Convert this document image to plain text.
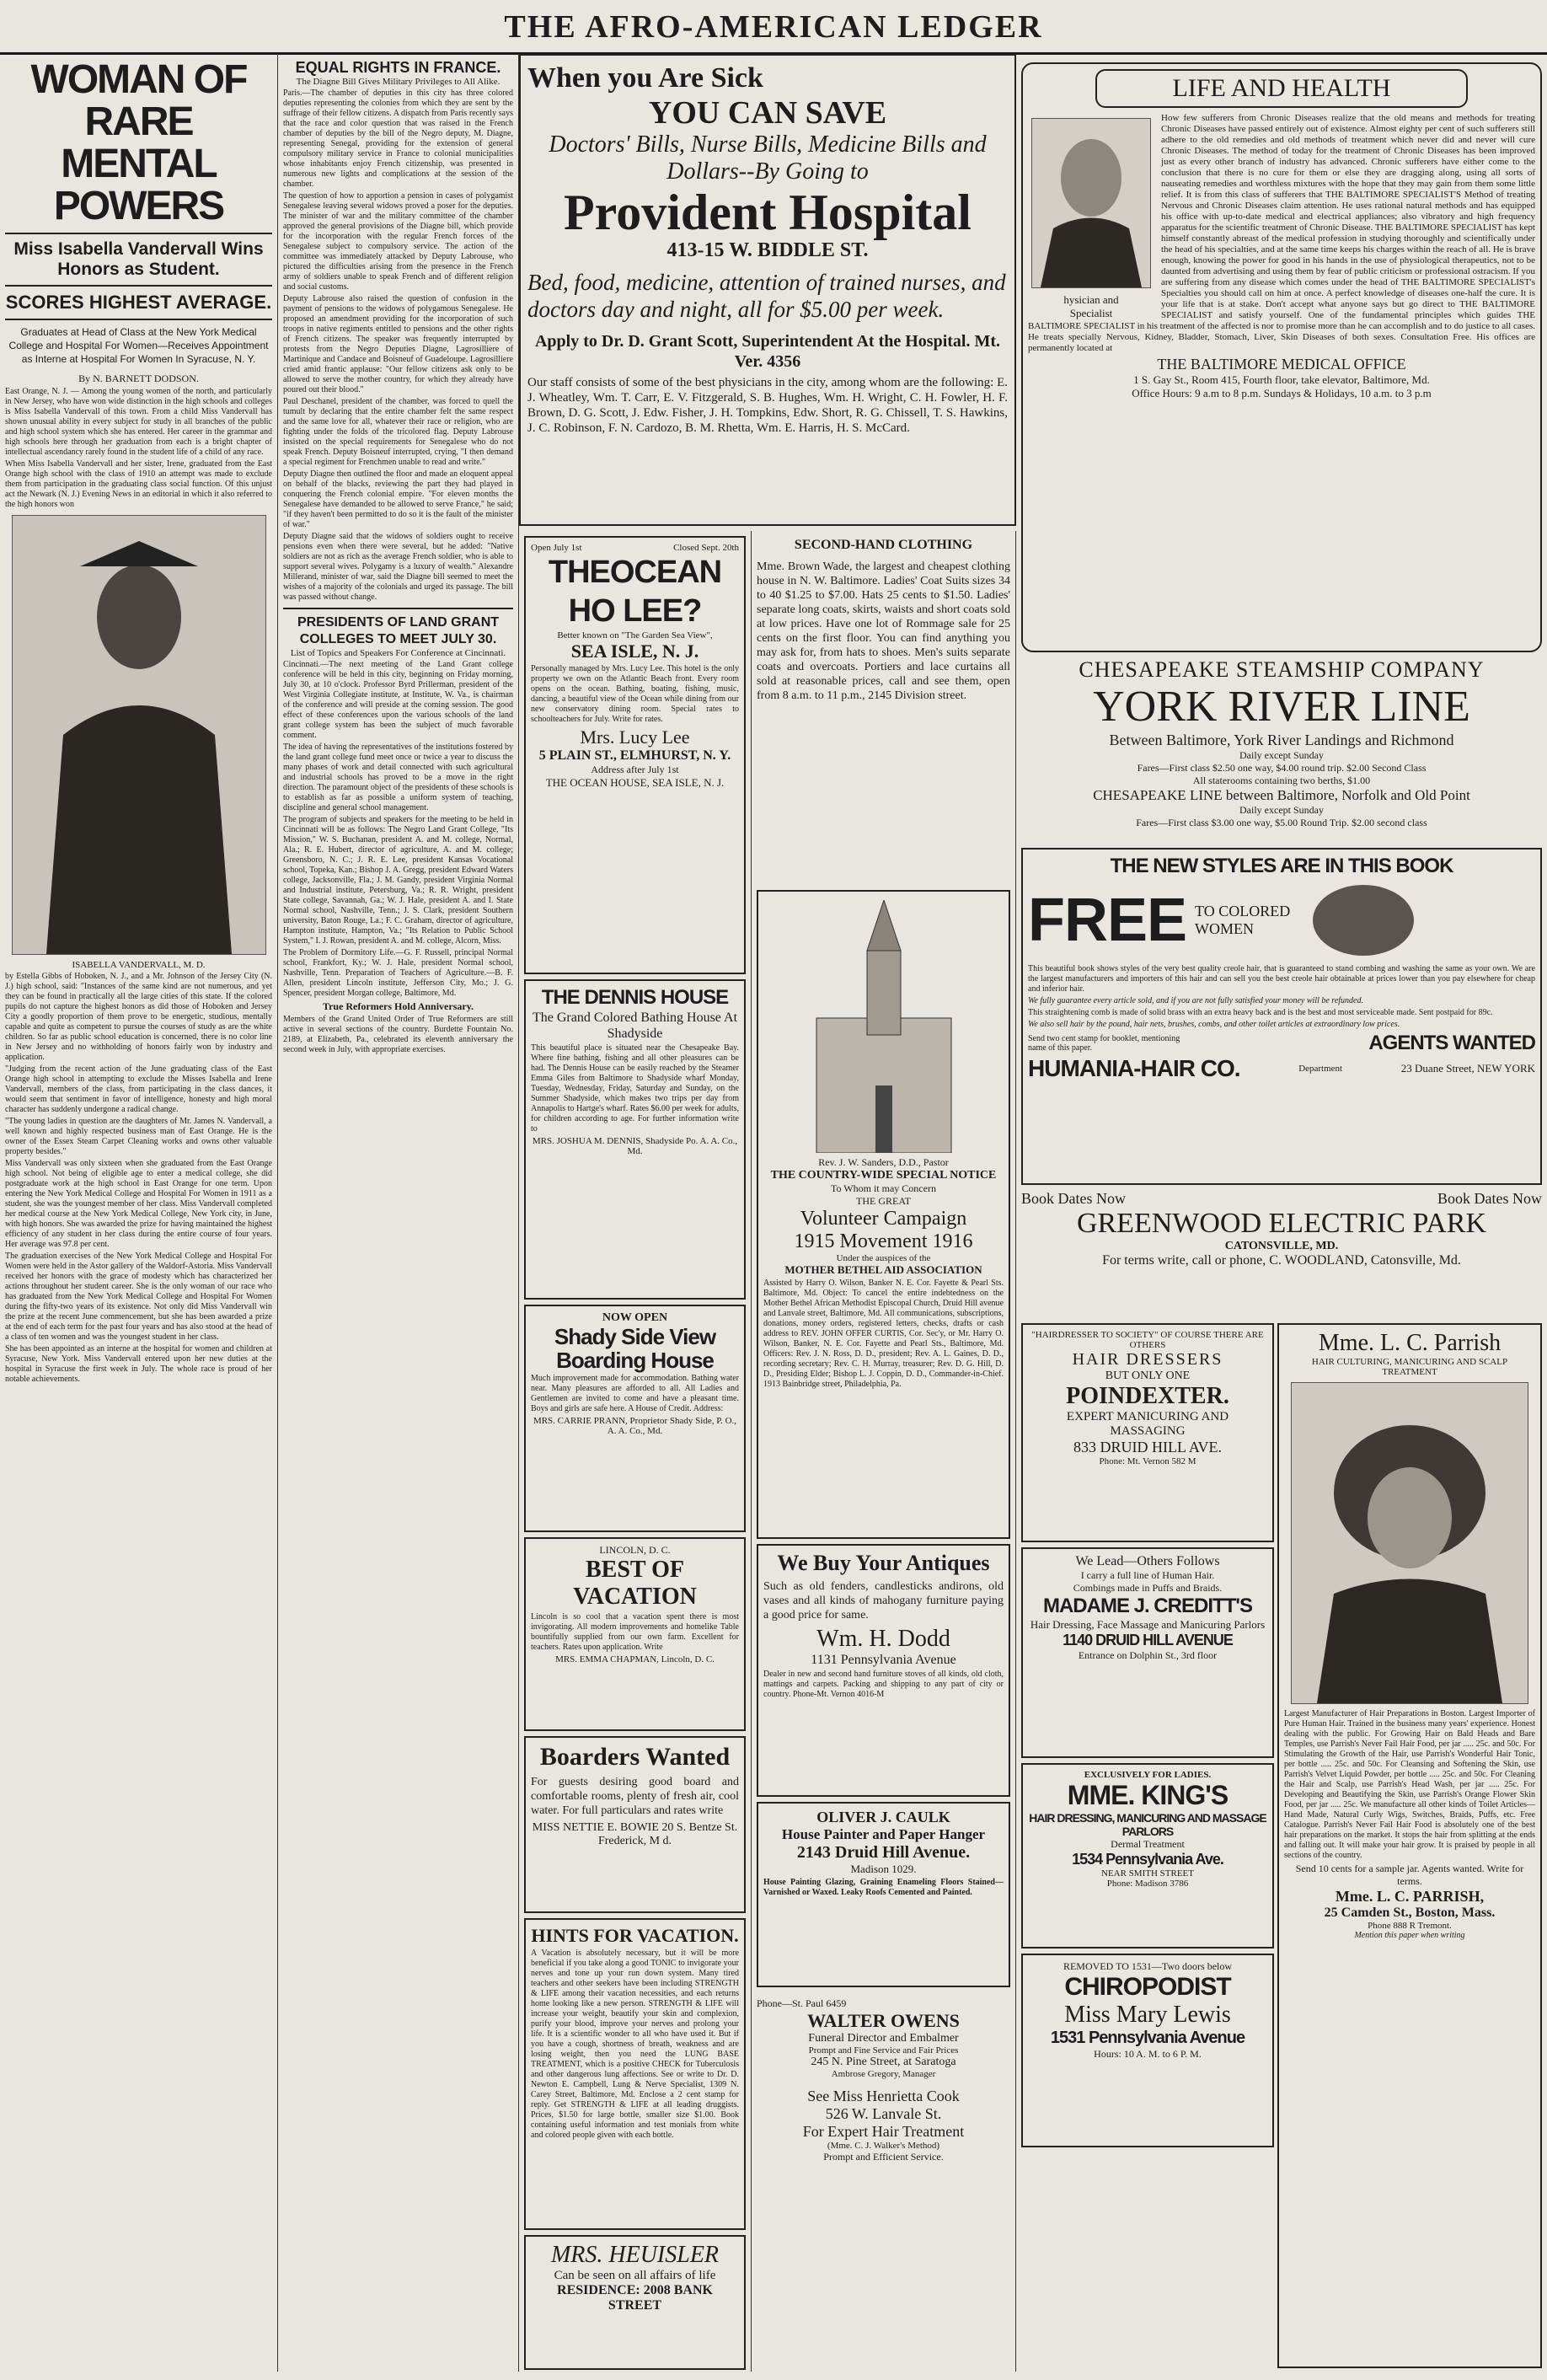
THE AFRO-AMERICAN LEDGER
WOMAN OF RARE
MENTAL POWERS
Miss Isabella Vandervall Wins Honors as Student.
SCORES HIGHEST AVERAGE.
Graduates at Head of Class at the New York Medical College and Hospital For Women—Receives Appointment as Interne at Hospital For Women In Syracuse, N. Y.
By N. BARNETT DODSON.

East Orange, N. J. — Among the young women of the north, and particularly in New Jersey, who have won wide distinction in the high schools and colleges is Miss Isabella Vandervall of this town. From a child Miss Vandervall has shown unusual ability in every subject for study in all branches of the public and high school system which she has entered. Her career in the grammar and high schools here through her graduation from each is a bright chapter of intellectual ascendancy rarely found in the student life of a child of any race.

When Miss Isabella Vandervall and her sister, Irene, graduated from the East Orange high school with the class of 1910 an attempt was made to exclude them from participation in the graduating class social function. Of this unjust act the Newark (N. J.) Evening News in an editorial in which it also referred to the high honors won

ISABELLA VANDERVALL, M. D.

by Estella Gibbs of Hoboken, N. J., and a Mr. Johnson of the Jersey City (N. J.) high school, said: "Instances of the same kind are not numerous, and yet they can be found in practically all the large cities of this state. If the colored pupils do not capture the highest honors as did those of Hoboken and Jersey City a goodly proportion of them prove to be energetic, studious, mentally capable and quite as competent to pursue the courses of study as are the white children. So far as public school education is concerned, there is no color line in New Jersey and no withholding of honors fairly won by industry and application.

"Judging from the recent action of the June graduating class of the East Orange high school in attempting to exclude the Misses Isabella and Irene Vandervall, members of the class, from participating in the class dances, it would seem that sentiment in favor of intelligence, honesty and high moral character has suddenly undergone a radical change.

"The young ladies in question are the daughters of Mr. James N. Vandervall, a well known and highly respected business man of East Orange. He is the owner of the Essex Steam Carpet Cleaning works and owns other valuable property besides."

Miss Vandervall was only sixteen when she graduated from the East Orange high school. Not being of eligible age to enter a medical college, she did postgraduate work at the high school in East Orange for one term. Upon entering the New York Medical College and Hospital For Women in 1911 as a student, she was the youngest member of her class. Miss Vandervall completed her medical course at the New York Medical College, New York city, in June, with high honors. She was awarded the prize for having maintained the highest efficiency of any student in her class during the entire course of four years. Her average was 97.8 per cent.

The graduation exercises of the New York Medical College and Hospital For Women were held in the Astor gallery of the Waldorf-Astoria. Miss Vandervall received her honors with the grace of modesty which has characterized her actions throughout her student career. She is the only woman of our race who has graduated from the New York Medical College and Hospital For Women during the fifty-two years of its existence. Not only did Miss Vandervall win the prize at the recent June commencement, but she has been awarded a prize at the end of each term for the past four years and has also stood at the head of a class of ten women and was the youngest student in her class.

She has been appointed as an interne at the hospital for women and children at Syracuse, New York. Miss Vandervall entered upon her new duties at the hospital in Syracuse the first week in July. The whole race is proud of her notable achievements.

EQUAL RIGHTS IN FRANCE.
The Diagne Bill Gives Military Privileges to All Alike.

Paris.—The chamber of deputies in this city has three colored deputies representing the colonies from which they are sent by the suffrage of their fellow citizens. A dispatch from Paris recently says that the race and color question that was raised in the French chamber of deputies by the bill of the Negro deputy, M. Diagne, representing Senegal, providing for the extension of general compulsory military service in France to colonial municipalities whose inhabitants enjoy French citizenship, was presented in numerous new lights and complications at the session of the chamber.

The question of how to apportion a pension in cases of polygamist Senegalese leaving several widows proved a poser for the deputies. The minister of war and the military committee of the chamber approved the general provisions of the Diagne bill, which provide for the incorporation with the regular French forces of the Senegalese subject to compulsory service. The action of the committee was immediately attacked by Deputy Labrouse, who pictured the difficulties arising from the presence in the French army of soldiers unable to speak French and of different religion and social customs.

Deputy Labrouse also raised the question of confusion in the payment of pensions to the widows of polygamous Senegalese. He proposed an amendment providing for the incorporation of such troops in native regiments entitled to pensions and the other rights of French citizens. The speaker was frequently interrupted by protests from the Negro Deputies Diagne, Lagrosilliere of Martinique and Candace and Boisneuf of Guadeloupe. Lagrosilliere cried amid frantic applause: "Our fellow citizens ask only to be allowed to serve the mother country, for which they already have poured out their blood."

Paul Deschanel, president of the chamber, was forced to quell the tumult by declaring that the entire chamber felt the same respect and the same love for all, whatever their race or religion, who are fighting under the folds of the tricolored flag. Deputy Labrouse insisted on the special requirements for Senegalese who do not speak French. Deputy Boisneuf interrupted, crying, "I then demand a special regiment for Frenchmen unable to read and write."

Deputy Diagne then outlined the floor and made an eloquent appeal on behalf of the blacks, reviewing the part they had played in conquering the French colonial empire. "For eleven months the Senegalese have demanded to be allowed to serve France," he said; "if they haven't been permitted to do so it is the fault of the minister of war."

Deputy Diagne said that the widows of soldiers ought to receive pensions even when there were several, but he added: "Native soldiers are not as rich as the average French soldier, who is able to support several wives. Polygamy is a luxury of wealth." Alexandre Millerand, minister of war, said the Diagne bill seemed to meet the wishes of a majority of the colonials and urged its passage. The bill was passed without change.

PRESIDENTS OF LAND GRANT COLLEGES TO MEET JULY 30.
List of Topics and Speakers For Conference at Cincinnati.

Cincinnati.—The next meeting of the Land Grant college conference will be held in this city, beginning on Friday morning, July 30, at 10 o'clock. Professor Byrd Prillerman, president of the West Virginia Collegiate institute, at Institute, W. Va., is chairman of the conference and will preside at the coming session. The good effect of these conferences upon the various schools of the land grant college system has been the subject of much favorable comment.

The idea of having the representatives of the institutions fostered by the land grant college fund meet once or twice a year to discuss the many phases of work and detail connected with such agricultural and industrial schools has proved to be a move in the right direction. The paramount object of the presidents of these schools is to establish as far as possible a uniform system of teaching, discipline and general school management.

The program of subjects and speakers for the meeting to be held in Cincinnati will be as follows: The Negro Land Grant College, "Its Mission," W. S. Buchanan, president A. and M. college, Normal, Ala.; R. E. Hubert, director of agriculture, A. and M. college; Greensboro, N. C.; J. R. E. Lee, president Kansas Vocational school, Topeka, Kan.; Bishop J. A. Gregg, president Edward Waters college, Jacksonville, Fla.; J. M. Gandy, president Virginia Normal and Industrial institute, Petersburg, Va.; R. R. Wright, president State college, Savannah, Ga.; W. J. Hale, president A. and I. State Normal school, Nashville, Tenn.; J. S. Clark, president Southern university, Baton Rouge, La.; F. C. Graham, director of agriculture, Hampton institute, Hampton, Va.; "Its Relation to Public School System," I. J. Rowan, president A. and M. college, Alcorn, Miss.

The Problem of Dormitory Life.—G. F. Russell, principal Normal school, Frankfort, Ky.; W. J. Hale, president Normal school, Nashville, Tenn. Preparation of Teachers of Agriculture.—B. F. Allen, president Lincoln institute, Jefferson City, Mo.; J. G. Spencer, president Morgan college, Baltimore, Md.

True Reformers Hold Anniversary.

Members of the Grand United Order of True Reformers are still active in several sections of the country. Burdette Fountain No. 2189, at Elizabeth, Pa., celebrated its eleventh anniversary the second week in July, with appropriate exercises.

When you Are Sick
YOU CAN SAVE
Doctors' Bills, Nurse Bills, Medicine Bills and Dollars--By Going to
Provident Hospital
413-15 W. BIDDLE ST.
Bed, food, medicine, attention of trained nurses, and doctors day and night, all for $5.00 per week.
Apply to Dr. D. Grant Scott, Superintendent At the Hospital. Mt. Ver. 4356

Our staff consists of some of the best physicians in the city, among whom are the following: E. J. Wheatley, Wm. T. Carr, E. V. Fitzgerald, S. B. Hughes, Wm. H. Wright, C. H. Fowler, H. F. Brown, D. G. Scott, J. Edw. Fisher, J. H. Tompkins, Edw. Short, R. G. Chissell, T. S. Hawkins, J. C. Robinson, F. N. Cardozo, B. M. Rhetta, Wm. E. Harris, H. S. McCard.

Open July 1st	Closed Sept. 20th
THEOCEAN HO LEE?
Better known on "The Garden Sea View",
SEA ISLE, N. J.

Personally managed by Mrs. Lucy Lee. This hotel is the only property we own on the Atlantic Beach front. Every room opens on the ocean. Bathing, boating, fishing, music, dancing, a beautiful view of the Ocean while dining from our new conservatory dining room. Special rates to schoolteachers for July. Write for rates.

Mrs. Lucy Lee
5 PLAIN ST., ELMHURST, N. Y.
Address after July 1st
THE OCEAN HOUSE, SEA ISLE, N. J.
THE DENNIS HOUSE
The Grand Colored Bathing House At Shadyside

This beautiful place is situated near the Chesapeake Bay. Where fine bathing, fishing and all other pleasures can be had. The Dennis House can be easily reached by the Steamer Emma Giles from Baltimore to Shadyside wharf Monday, Tuesday, Wednesday, Friday, Saturday and Sunday, on the Summer Shadyside, which makes two trips per day from Annapolis to Hartge's wharf. Rates $6.00 per week for adults, for children according to age. For further information write to

MRS. JOSHUA M. DENNIS, Shadyside Po. A. A. Co., Md.
NOW OPEN
Shady Side View Boarding House

Much improvement made for accommodation. Bathing water near. Many pleasures are afforded to all. All Ladies and Gentlemen are invited to come and have a pleasant time. Boys and girls are safe here. A House of Credit. Address:

MRS. CARRIE PRANN, Proprietor Shady Side, P. O., A. A. Co., Md.
LINCOLN, D. C.
BEST OF VACATION

Lincoln is so cool that a vacation spent there is most invigorating. All modern improvements and homelike Table bountifully supplied from our own farm. Excellent for teachers. Rates upon application. Write

MRS. EMMA CHAPMAN, Lincoln, D. C.
Boarders Wanted

For guests desiring good board and comfortable rooms, plenty of fresh air, cool water. For full particulars and rates write

MISS NETTIE E. BOWIE 20 S. Bentze St. Frederick, M d.
HINTS FOR VACATION.

A Vacation is absolutely necessary, but it will be more beneficial if you take along a good TONIC to invigorate your nerves and tone up your run down system. Many tired teachers and other seekers have been including STRENGTH & LIFE among their vacation necessities, and each returns home looking like a new person. STRENGTH & LIFE will increase your weight, beautify your skin and complexion, purify your blood, improve your nerves and prolong your life. It is a scientific wonder to all who have used it. But if you have a cough, shortness of breath, weakness and are losing weight, then you need the LUNG BASE TREATMENT, which is a positive CHECK for Tuberculosis and other dangerous lung affections. See or write to Dr. D. Newton E. Campbell, Lung & Nerve Specialist, 1309 N. Carey Street, Baltimore, Md. Enclose a 2 cent stamp for reply. Get STRENGTH & LIFE at all leading druggists. Prices, $1.50 for large bottle, smaller size $1.00. Book containing useful information and test monials from white and colored people given with each bottle.

MRS. HEUISLER
Can be seen on all affairs of life
RESIDENCE: 2008 BANK STREET
SECOND-HAND CLOTHING

Mme. Brown Wade, the largest and cheapest clothing house in N. W. Baltimore. Ladies' Coat Suits sizes 34 to 40 $1.25 to $7.00. Hats 25 cents to $1.50. Ladies' separate long coats, skirts, waists and short coats sold at low prices. Have one lot of Rommage sale for 25 cents on the first floor. You can find anything you may ask for, from hats to shoes. Men's suits separate coats and overcoats. Portiers and lace curtains all sold at reasonable prices, call and see them, open from 8 a.m. to 11 p.m., 2145 Division street.

Rev. J. W. Sanders, D.D., Pastor
THE COUNTRY-WIDE SPECIAL NOTICE
To Whom it may Concern
THE GREAT
Volunteer Campaign
1915 Movement 1916
Under the auspices of the
MOTHER BETHEL AID ASSOCIATION

Assisted by Harry O. Wilson, Banker N. E. Cor. Fayette & Pearl Sts. Baltimore, Md. Object: To cancel the entire indebtedness on the Mother Bethel African Methodist Episcopal Church, Druid Hill avenue and Lanvale street, Baltimore, Md. All communications, subscriptions, donations, money orders, registered letters, checks, drafts or cash address to REV. JOHN OFFER CURTIS, Cor. Sec'y, or Mr. Harry O. Wilson, Banker, N. E. Cor. Fayette and Pearl Sts., Baltimore, Md. Officers: Rev. J. N. Ross, D. D., president; Rev. A. L. Gaines, D. D., recording secretary; Rev. C. H. Murray, treasurer; Rev. D. G. Hill, D. D., Presiding Elder; Bishop L. J. Coppin, D. D., Commander-in-Chief. 1913 Bainbridge street, Philadelphia, Pa.

We Buy Your Antiques

Such as old fenders, candlesticks andirons, old vases and all kinds of mahogany furniture paying a good price for same.

Wm. H. Dodd
1131 Pennsylvania Avenue

Dealer in new and second hand furniture stoves of all kinds, old cloth, mattings and carpets. Packing and shipping to any part of city or country. Phone-Mt. Vernon 4016-M

OLIVER J. CAULK
House Painter and Paper Hanger
2143 Druid Hill Avenue.
Madison 1029.

House Painting Glazing, Graining Enameling Floors Stained—Varnished or Waxed. Leaky Roofs Cemented and Painted.

Phone—St. Paul 6459
WALTER OWENS
Funeral Director and Embalmer
Prompt and Fine Service and Fair Prices
245 N. Pine Street, at Saratoga
Ambrose Gregory, Manager
See Miss Henrietta Cook
526 W. Lanvale St.
For Expert Hair Treatment
(Mme. C. J. Walker's Method)
Prompt and Efficient Service.
LIFE AND HEALTH
hysician and
Specialist

How few sufferers from Chronic Diseases realize that the old means and methods for treating Chronic Diseases have passed entirely out of existence. Almost eighty per cent of such sufferers still adhere to the old remedies and old methods of treatment which never did and never will cure Chronic Diseases. The method of today for the treatment of Chronic Diseases has been improved just as every other branch of industry has advanced. Chronic sufferers have either come to the conclusion that there is no cure for them or else they are dragging along, using all sorts of nauseating remedies and worthless mixtures with the hope that they may gain from them some little relief. It is from this class of sufferers that THE BALTIMORE SPECIALIST'S Method of treating Nervous and Chronic Diseases claim attention. He uses rational natural methods and has equipped his office with up-to-date medical and electrical appliances; also vibratory and high frequency apparatus for the scientific treatment of Chronic Disease. THE BALTIMORE SPECIALIST has kept himself constantly abreast of the medical profession in studying thoroughly and scientifically under the head of his specialties, and at the same time keeps his charges within the reach of all. He is brave enough, knowing the power for good in his hands in the use of physiological therapeutics, not to be daunted from advertising and using them by fear of public criticism or professional ostracism. If you are suffering from any disease which comes under the head of THE BALTIMORE SPECIALIST's Specialties you should call on him at once. A perfect knowledge of diseases one-half the cure. It is your life that is at stake. Don't accept what anyone says but go direct to THE BALTIMORE SPECIALIST and satisfy yourself. One of the fundamental principles which guides THE BALTIMORE SPECIALIST in his treatment of the affected is nor to promise more than he can accomplish and to do justice to all cases. He treats specially Nervous, Kidney, Bladder, Stomach, Liver, Skin Diseases of both sexes. Consultation Free. His offices are permanently located at

THE BALTIMORE MEDICAL OFFICE
1 S. Gay St., Room 415, Fourth floor, take elevator, Baltimore, Md.
Office Hours: 9 a.m to 8 p.m. Sundays & Holidays, 10 a.m. to 3 p.m
CHESAPEAKE STEAMSHIP COMPANY
YORK RIVER LINE
Between Baltimore, York River Landings and Richmond
Daily except Sunday
Fares—First class $2.50 one way, $4.00 round trip. $2.00 Second Class
All staterooms containing two berths, $1.00
CHESAPEAKE LINE between Baltimore, Norfolk and Old Point
Daily except Sunday
Fares—First class $3.00 one way, $5.00 Round Trip. $2.00 second class
THE NEW STYLES ARE IN THIS BOOK
FREE TO COLORED WOMEN

This beautiful book shows styles of the very best quality creole hair, that is guaranteed to stand combing and washing the same as your own. We are the largest manufacturers and importers of this hair and can sell you the best creole hair obtainable at prices lower than you pay elsewhere for cheap and inferior hair.

We fully guarantee every article sold, and if you are not fully satisfied your money will be refunded.

This straightening comb is made of solid brass with an extra heavy back and is the best and most serviceable made. Sent postpaid for 89c.

We also sell hair by the pound, hair nets, brushes, combs, and other toilet articles at extraordinary low prices.

Send two cent stamp for booklet, mentioning name of this paper.	AGENTS WANTED
HUMANIA-HAIR CO.	Department	23 Duane Street, NEW YORK
Book Dates Now	Book Dates Now
GREENWOOD ELECTRIC PARK
CATONSVILLE, MD.
For terms write, call or phone, C. WOODLAND, Catonsville, Md.
"HAIRDRESSER TO SOCIETY" OF COURSE THERE ARE OTHERS
HAIR DRESSERS
BUT ONLY ONE
POINDEXTER.
EXPERT MANICURING AND MASSAGING
833 DRUID HILL AVE.
Phone: Mt. Vernon 582 M
We Lead—Others Follows
I carry a full line of Human Hair.
Combings made in Puffs and Braids.
MADAME J. CREDITT'S
Hair Dressing, Face Massage and Manicuring Parlors
1140 DRUID HILL AVENUE
Entrance on Dolphin St., 3rd floor
EXCLUSIVELY FOR LADIES.
MME. KING'S
HAIR DRESSING, MANICURING AND MASSAGE PARLORS
Dermal Treatment
1534 Pennsylvania Ave.
NEAR SMITH STREET
Phone: Madison 3786
REMOVED TO 1531—Two doors below
CHIROPODIST
Miss Mary Lewis
1531 Pennsylvania Avenue
Hours: 10 A. M. to 6 P. M.
Mme. L. C. Parrish
HAIR CULTURING, MANICURING AND SCALP TREATMENT

Largest Manufacturer of Hair Preparations in Boston. Largest Importer of Pure Human Hair. Trained in the business many years' experience. Honest dealing with the public. For Growing Hair on Bald Heads and Bare Temples, use Parrish's Never Fail Hair Food, per jar ..... 25c. and 50c. For Stimulating the Growth of the Hair, use Parrish's Wonderful Hair Tonic, per bottle ..... 25c. and 50c. For Cleansing and Softening the Skin, use Parrish's Velvet Liquid Powder, per bottle ..... 25c. and 50c. For Cleaning the Hair and Scalp, use Parrish's Head Wash, per jar ..... 25c. For Developing and Beautifying the Skin, use Parrish's Orange Flower Skin Food, per jar ..... 25c. We manufacture all other kinds of Toilet Articles—Hand Made, Natural Curly Wigs, Switches, Braids, Puffs, etc. Free Catalogue. Parrish's Never Fail Hair Food is absolutely one of the best hair preparations on the market. It stops the hair from splitting at the ends and falling out. It will make your hair grow. It is praised by people in all sections of the country.

Send 10 cents for a sample jar. Agents wanted. Write for terms.
Mme. L. C. PARRISH,
25 Camden St., Boston, Mass.
Phone 888 R Tremont.
Mention this paper when writing
